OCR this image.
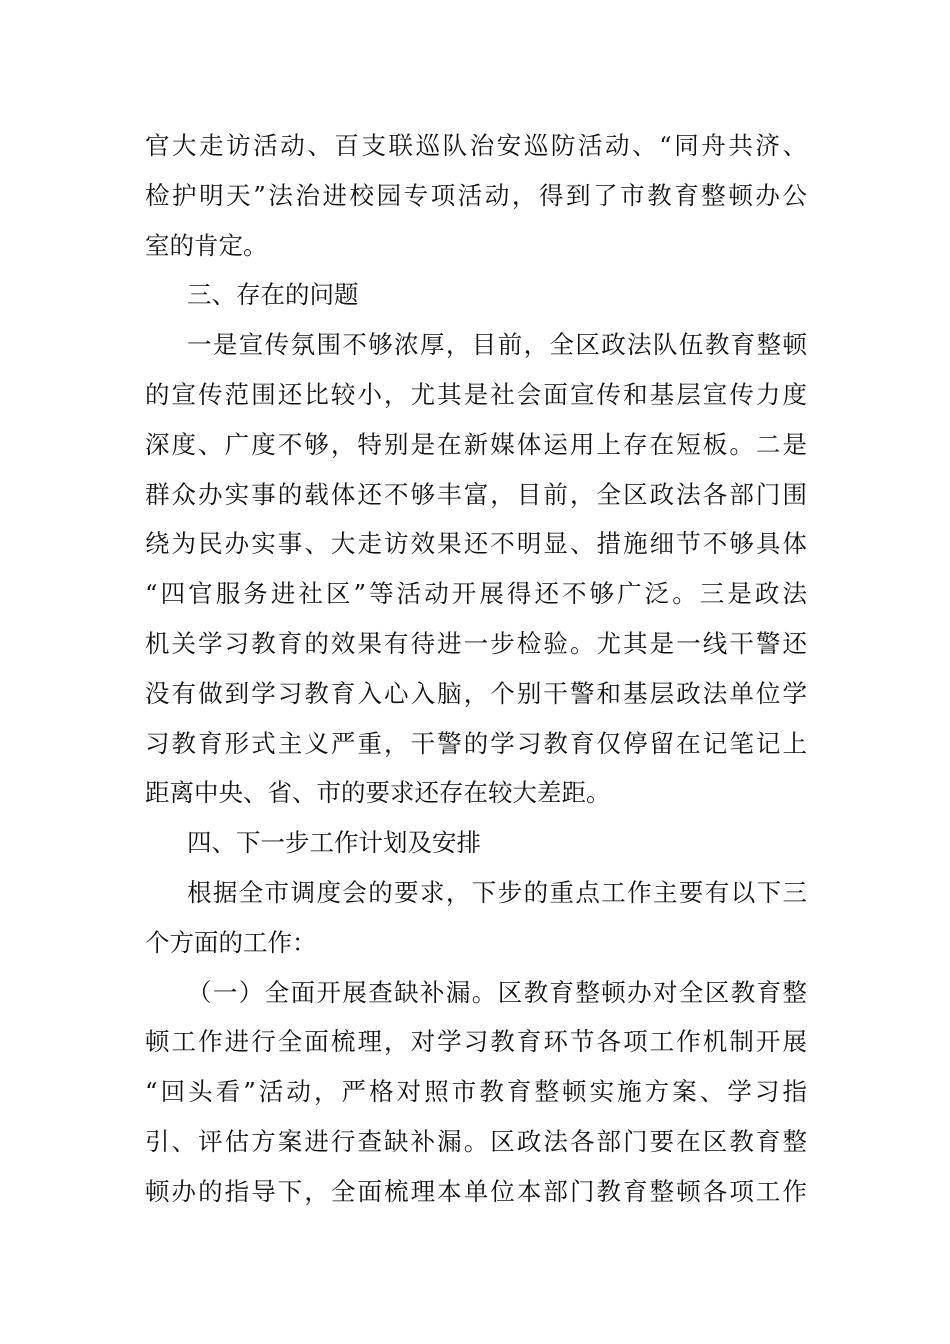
官大走访活动、百支联巡队治安巡防活动、“同舟共济、
检护明天”法治进校园专项活动，得到了市教育整顿办公
室的肯定。
三、存在的问题
一是宣传氛围不够浓厚，目前，全区政法队伍教育整顿
的宣传范围还比较小，尤其是社会面宣传和基层宣传力度
深度、广度不够，特别是在新媒体运用上存在短板。二是
群众办实事的载体还不够丰富，目前，全区政法各部门围
绕为民办实事、大走访效果还不明显、措施细节不够具体
“四官服务进社区”等活动开展得还不够广泛。三是政法
机关学习教育的效果有待进一步检验。尤其是一线干警还
没有做到学习教育入心入脑，个别干警和基层政法单位学
习教育形式主义严重，干警的学习教育仅停留在记笔记上
距离中央、省、市的要求还存在较大差距。
四、下一步工作计划及安排
根据全市调度会的要求，下步的重点工作主要有以下三
个方面的工作：
（一）全面开展查缺补漏。区教育整顿办对全区教育整
顿工作进行全面梳理，对学习教育环节各项工作机制开展
“回头看”活动，严格对照市教育整顿实施方案、学习指
引、评估方案进行查缺补漏。区政法各部门要在区教育整
顿办的指导下，全面梳理本单位本部门教育整顿各项工作
